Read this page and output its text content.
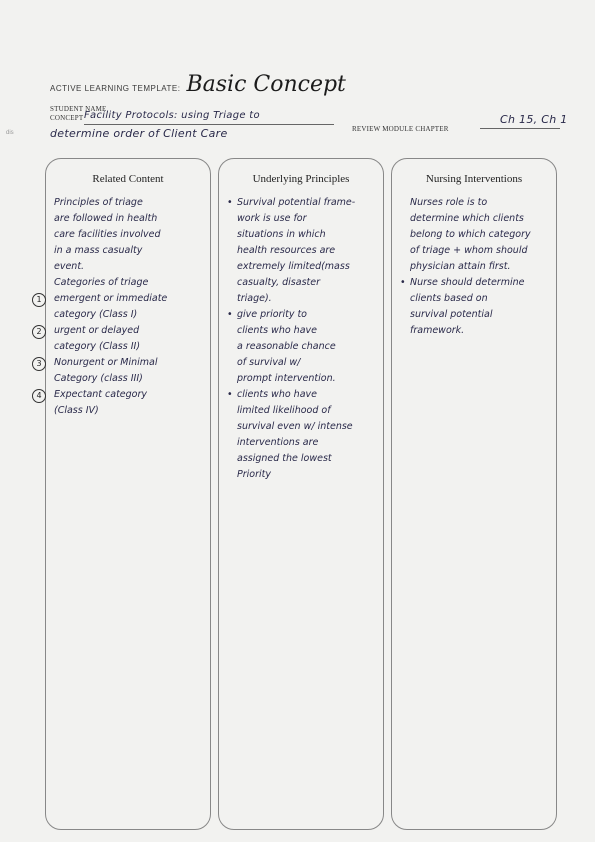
ACTIVE LEARNING TEMPLATE: Basic Concept
STUDENT NAME
CONCEPT Facility Protocols: using Triage to
determine order of Client Care
dis	REVIEW MODULE CHAPTER
Ch 15, Ch 1
Related Content
Principles of triage
are followed in health
care facilities involved
in a mass casualty
event.
Categories of triage
emergent or immediate
category (Class I)
urgent or delayed
category (Class II)
Nonurgent or Minimal
Category (class III)
Expectant category
(Class IV)
1
2
3
4
Underlying Principles
• Survival potential frame-
work is use for
situations in which
health resources are
extremely limited(mass
casualty, disaster
triage).
• give priority to
clients who have
a reasonable chance
of survival w/
prompt intervention.
• clients who have
limited likelihood of
survival even w/ intense
interventions are
assigned the lowest
Priority
Nursing Interventions
Nurses role is to
determine which clients
belong to which category
of triage + whom should
physician attain first.
• Nurse should determine
clients based on
survival potential
framework.
